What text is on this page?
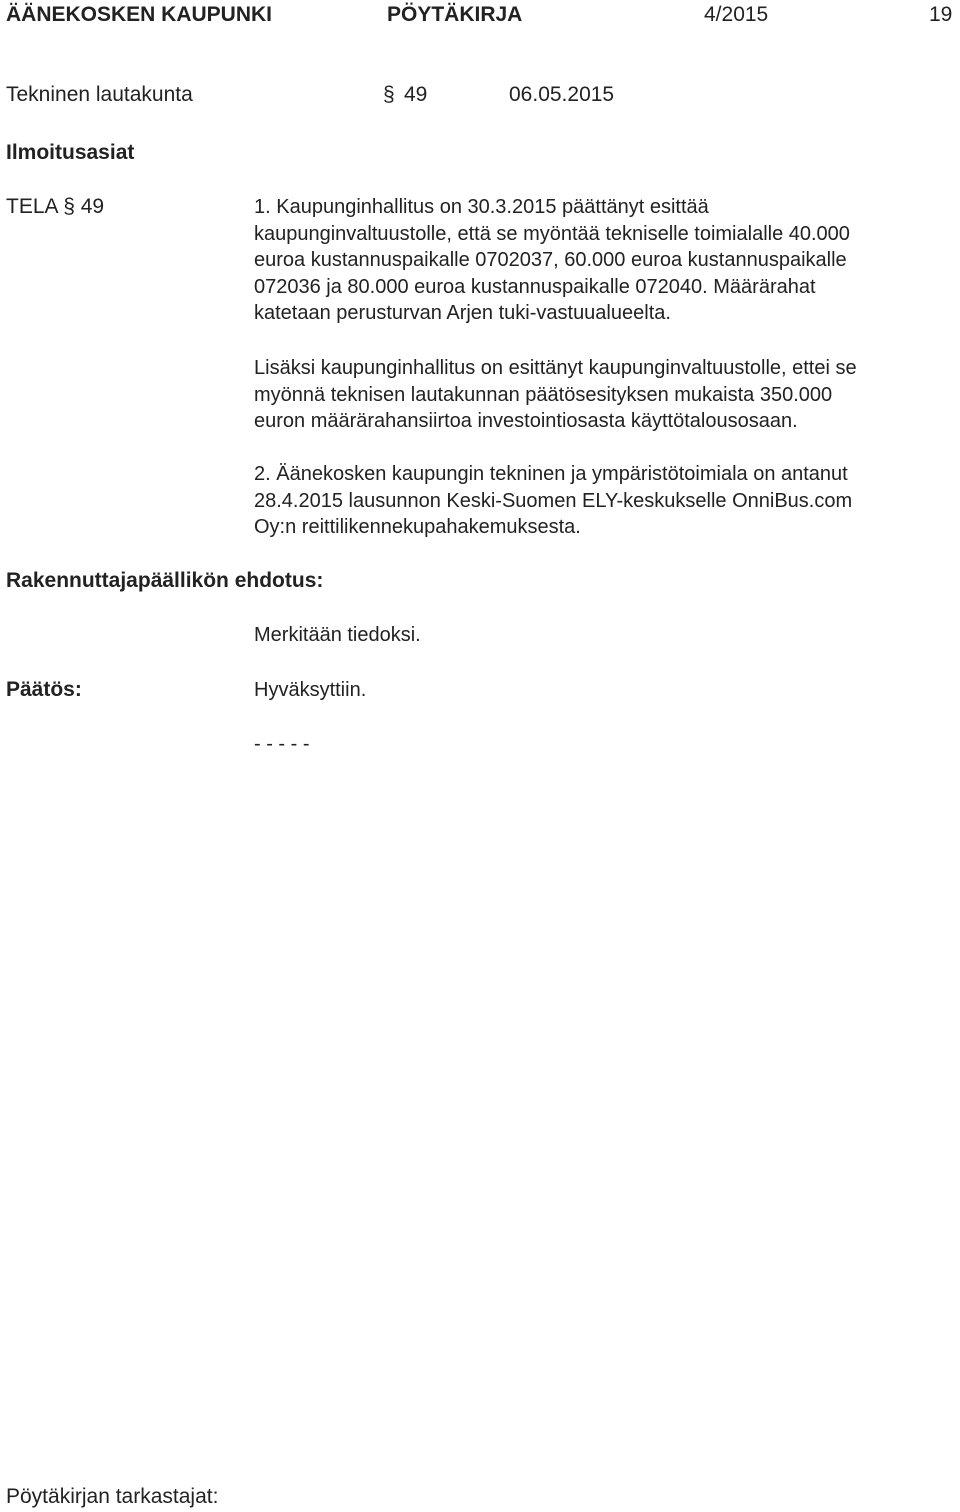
ÄÄNEKOSKEN KAUPUNKI	PÖYTÄKIRJA	4/2015	19
Tekninen lautakunta	§ 49	06.05.2015
Ilmoitusasiat
TELA § 49	1. Kaupunginhallitus on 30.3.2015 päättänyt esittää
kaupunginvaltuustolle, että se myöntää tekniselle toimialalle 40.000
euroa kustannuspaikalle 0702037, 60.000 euroa kustannuspaikalle
072036 ja 80.000 euroa kustannuspaikalle 072040. Määrärahat
katetaan perusturvan Arjen tuki-vastuualueelta.

Lisäksi kaupunginhallitus on esittänyt kaupunginvaltuustolle, ettei se
myönnä teknisen lautakunnan päätösesityksen mukaista 350.000
euron määrärahansiirtoa investointiosasta käyttötalousosaan.

2. Äänekosken kaupungin tekninen ja ympäristötoimiala on antanut
28.4.2015 lausunnon Keski-Suomen ELY-keskukselle OnniBus.com
Oy:n reittilikennekupahakemuksesta.

Rakennuttajapäällikön ehdotus:
Merkitään tiedoksi.
Päätös:	Hyväksyttiin.
- - - - -
Pöytäkirjan tarkastajat:
